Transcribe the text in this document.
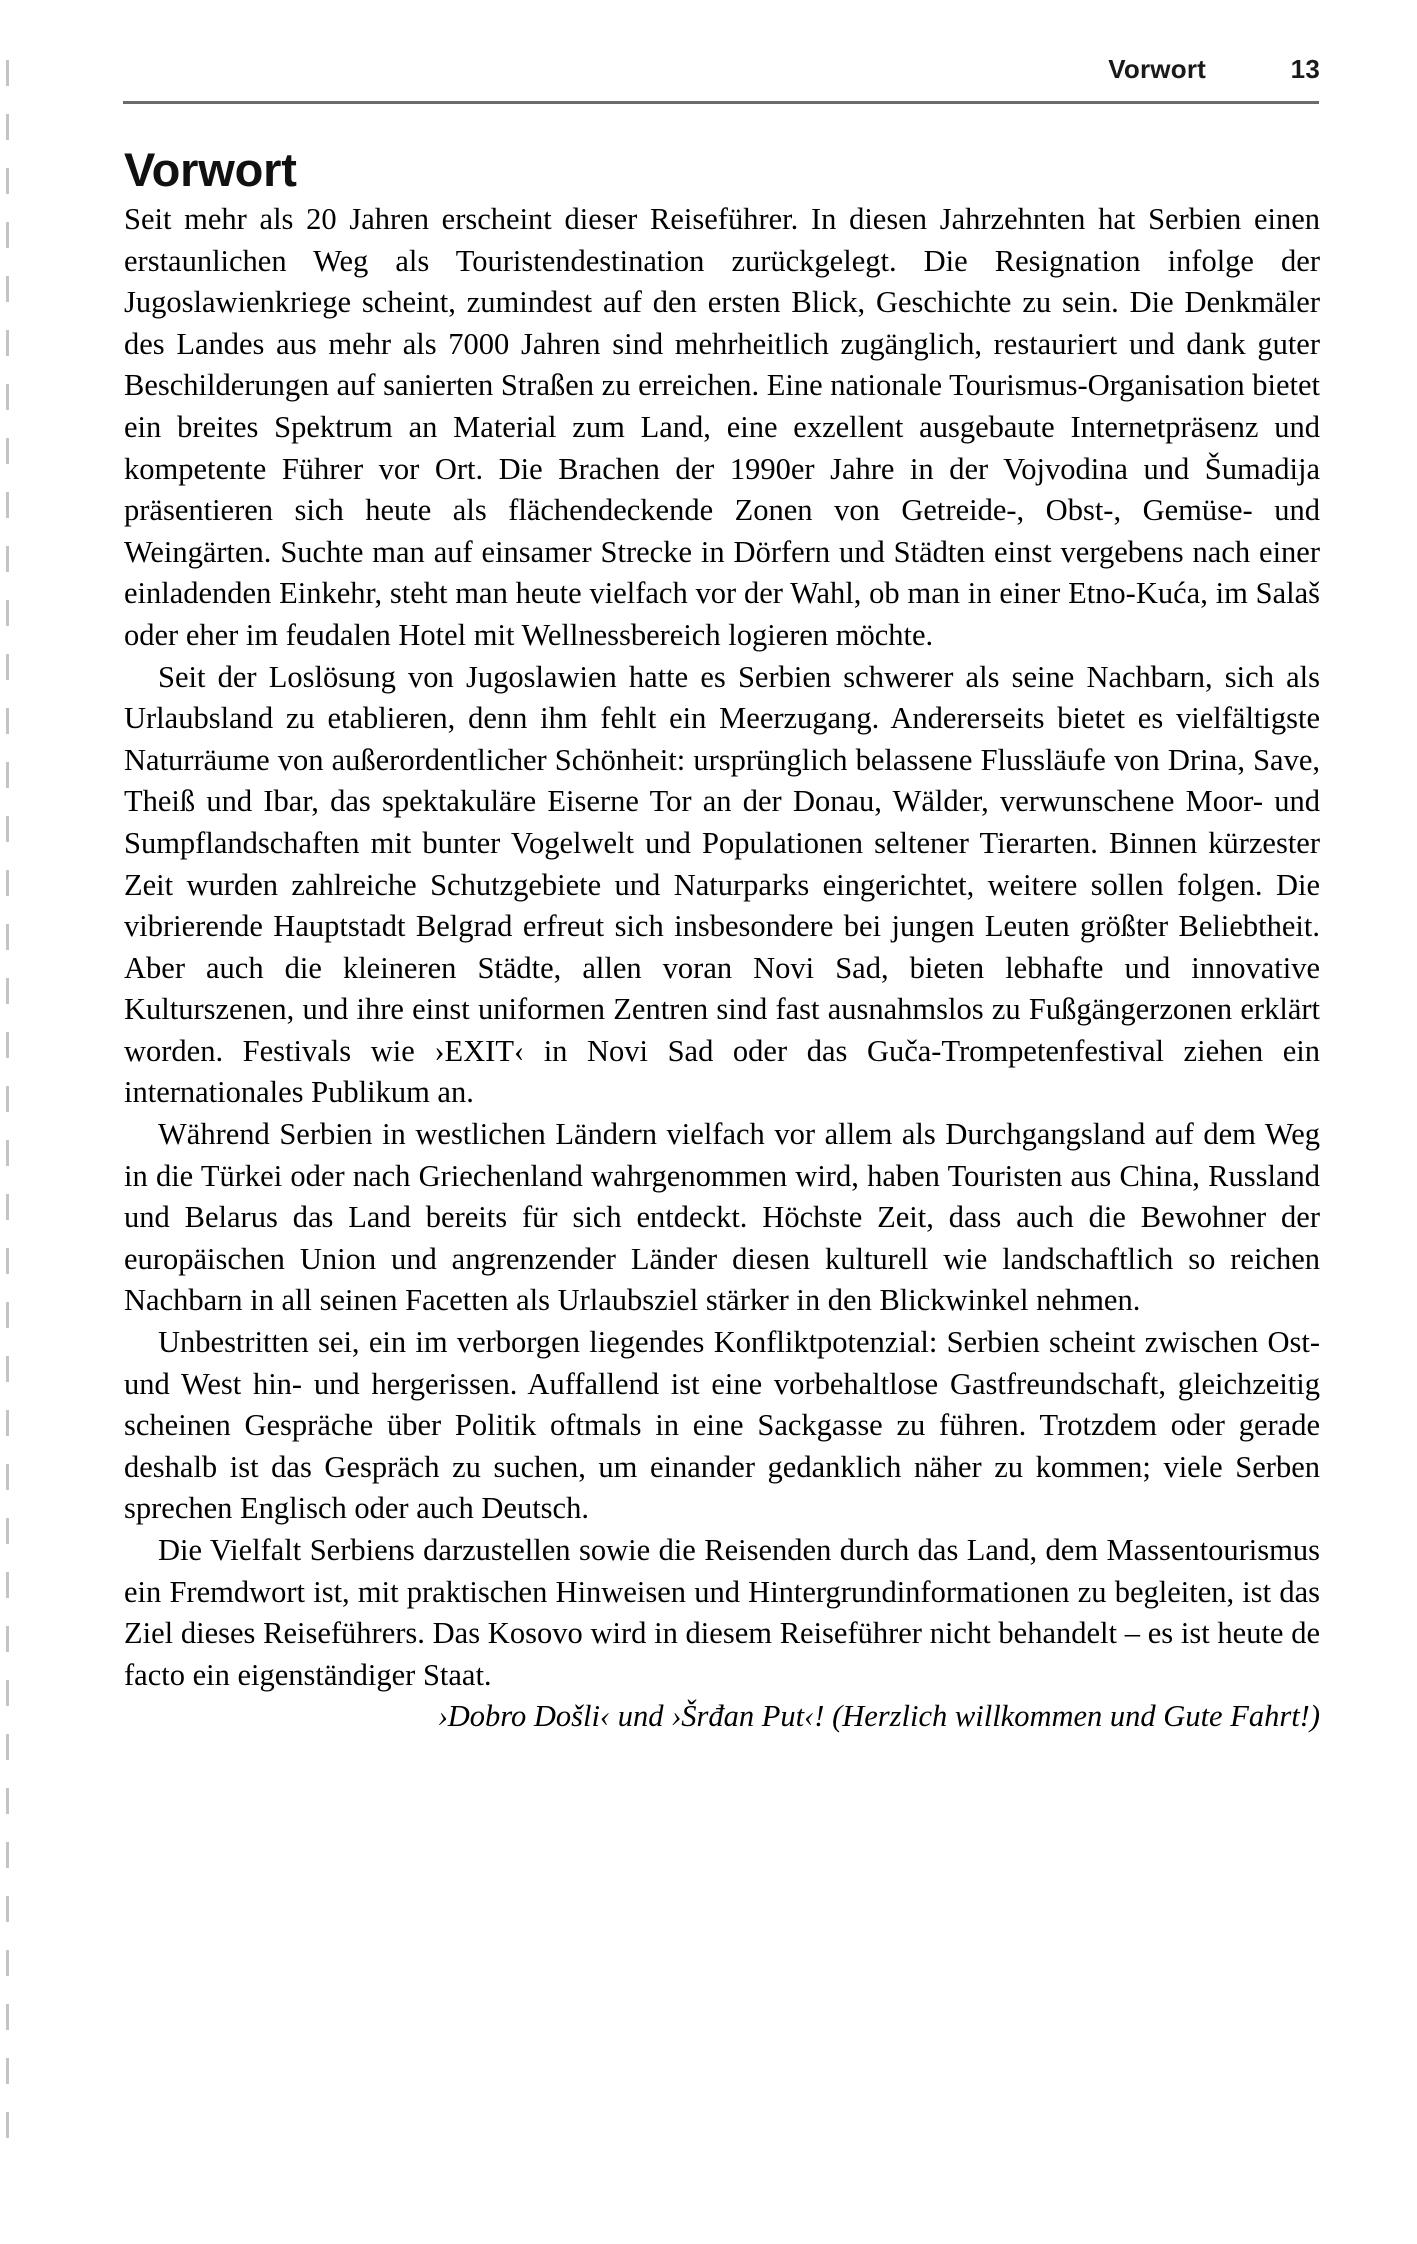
Vorwort	13
Vorwort

Seit mehr als 20 Jahren erscheint dieser Reiseführer. In diesen Jahrzehnten hat Serbien einen erstaunlichen Weg als Touristendestination zurückgelegt. Die Resignation infolge der Jugoslawienkriege scheint, zumindest auf den ersten Blick, Geschichte zu sein. Die Denkmäler des Landes aus mehr als 7000 Jahren sind mehrheitlich zugänglich, restauriert und dank guter Beschilderungen auf sanierten Straßen zu erreichen. Eine nationale Tourismus-Organisation bietet ein breites Spektrum an Material zum Land, eine exzellent ausgebaute Internetpräsenz und kompetente Führer vor Ort. Die Brachen der 1990er Jahre in der Vojvodina und Šumadija präsentieren sich heute als flächendeckende Zonen von Getreide-, Obst-, Gemüse- und Weingärten. Suchte man auf einsamer Strecke in Dörfern und Städten einst vergebens nach einer einladenden Einkehr, steht man heute vielfach vor der Wahl, ob man in einer Etno-Kuća, im Salaš oder eher im feudalen Hotel mit Wellnessbereich logieren möchte.

Seit der Loslösung von Jugoslawien hatte es Serbien schwerer als seine Nachbarn, sich als Urlaubsland zu etablieren, denn ihm fehlt ein Meerzugang. Andererseits bietet es vielfältigste Naturräume von außerordentlicher Schönheit: ursprünglich belassene Flussläufe von Drina, Save, Theiß und Ibar, das spektakuläre Eiserne Tor an der Donau, Wälder, verwunschene Moor- und Sumpflandschaften mit bunter Vogelwelt und Populationen seltener Tierarten. Binnen kürzester Zeit wurden zahlreiche Schutzgebiete und Naturparks eingerichtet, weitere sollen folgen. Die vibrierende Hauptstadt Belgrad erfreut sich insbesondere bei jungen Leuten größter Beliebtheit. Aber auch die kleineren Städte, allen voran Novi Sad, bieten lebhafte und innovative Kulturszenen, und ihre einst uniformen Zentren sind fast ausnahmslos zu Fußgängerzonen erklärt worden. Festivals wie ›EXIT‹ in Novi Sad oder das Guča-Trompetenfestival ziehen ein internationales Publikum an.

Während Serbien in westlichen Ländern vielfach vor allem als Durchgangsland auf dem Weg in die Türkei oder nach Griechenland wahrgenommen wird, haben Touristen aus China, Russland und Belarus das Land bereits für sich entdeckt. Höchste Zeit, dass auch die Bewohner der europäischen Union und angrenzender Länder diesen kulturell wie landschaftlich so reichen Nachbarn in all seinen Facetten als Urlaubsziel stärker in den Blickwinkel nehmen.

Unbestritten sei, ein im verborgen liegendes Konfliktpotenzial: Serbien scheint zwischen Ost- und West hin- und hergerissen. Auffallend ist eine vorbehaltlose Gastfreundschaft, gleichzeitig scheinen Gespräche über Politik oftmals in eine Sackgasse zu führen. Trotzdem oder gerade deshalb ist das Gespräch zu suchen, um einander gedanklich näher zu kommen; viele Serben sprechen Englisch oder auch Deutsch.

Die Vielfalt Serbiens darzustellen sowie die Reisenden durch das Land, dem Massentourismus ein Fremdwort ist, mit praktischen Hinweisen und Hintergrundinformationen zu begleiten, ist das Ziel dieses Reiseführers. Das Kosovo wird in diesem Reiseführer nicht behandelt – es ist heute de facto ein eigenständiger Staat.

›Dobro Došli‹ und ›Šrđan Put‹! (Herzlich willkommen und Gute Fahrt!)
